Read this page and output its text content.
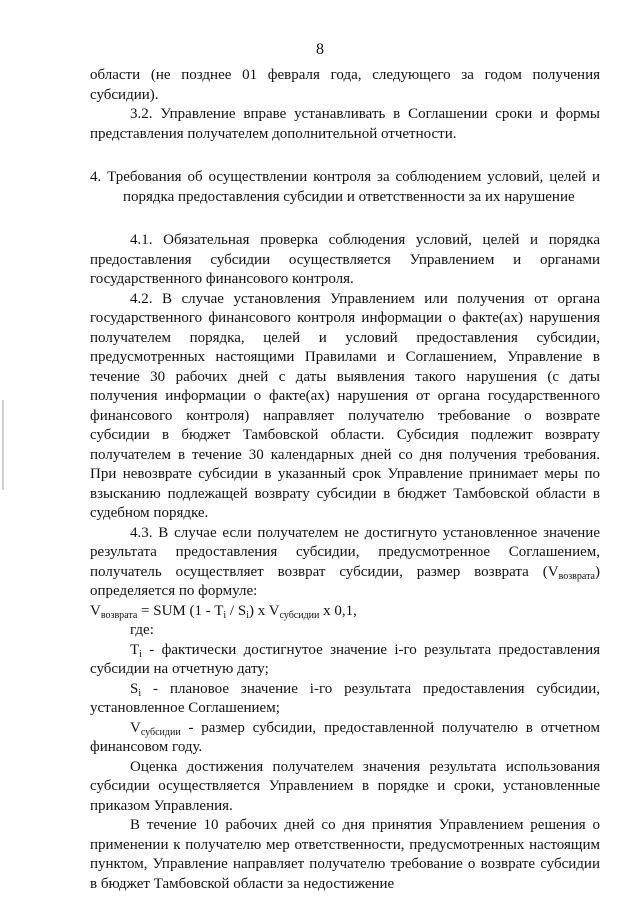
8

области (не позднее 01 февраля года, следующего за годом получения субсидии).

3.2. Управление вправе устанавливать в Соглашении сроки и формы представления получателем дополнительной отчетности.

4. Требования об осуществлении контроля за соблюдением условий, целей и порядка предоставления субсидии и ответственности за их нарушение

4.1. Обязательная проверка соблюдения условий, целей и порядка предоставления субсидии осуществляется Управлением и органами государственного финансового контроля.

4.2. В случае установления Управлением или получения от органа государственного финансового контроля информации о факте(ах) нарушения получателем порядка, целей и условий предоставления субсидии, предусмотренных настоящими Правилами и Соглашением, Управление в течение 30 рабочих дней с даты выявления такого нарушения (с даты получения информации о факте(ах) нарушения от органа государственного финансового контроля) направляет получателю требование о возврате субсидии в бюджет Тамбовской области. Субсидия подлежит возврату получателем в течение 30 календарных дней со дня получения требования. При невозврате субсидии в указанный срок Управление принимает меры по взысканию подлежащей возврату субсидии в бюджет Тамбовской области в судебном порядке.

4.3. В случае если получателем не достигнуто установленное значение результата предоставления субсидии, предусмотренное Соглашением, получатель осуществляет возврат субсидии, размер возврата $(V_{возврата})$ определяется по формуле:

$V_{возврата}$ = SUM $(1 - T_i / S_i)$ x $V_{субсидии}$ x 0,1,

где:

$T_i$ - фактически достигнутое значение i-го результата предоставления субсидии на отчетную дату;

$S_i$ - плановое значение i-го результата предоставления субсидии, установленное Соглашением;

$V_{субсидии}$ - размер субсидии, предоставленной получателю в отчетном финансовом году.

Оценка достижения получателем значения результата использования субсидии осуществляется Управлением в порядке и сроки, установленные приказом Управления.

В течение 10 рабочих дней со дня принятия Управлением решения о применении к получателю мер ответственности, предусмотренных настоящим пунктом, Управление направляет получателю требование о возврате субсидии в бюджет Тамбовской области за недостижение
